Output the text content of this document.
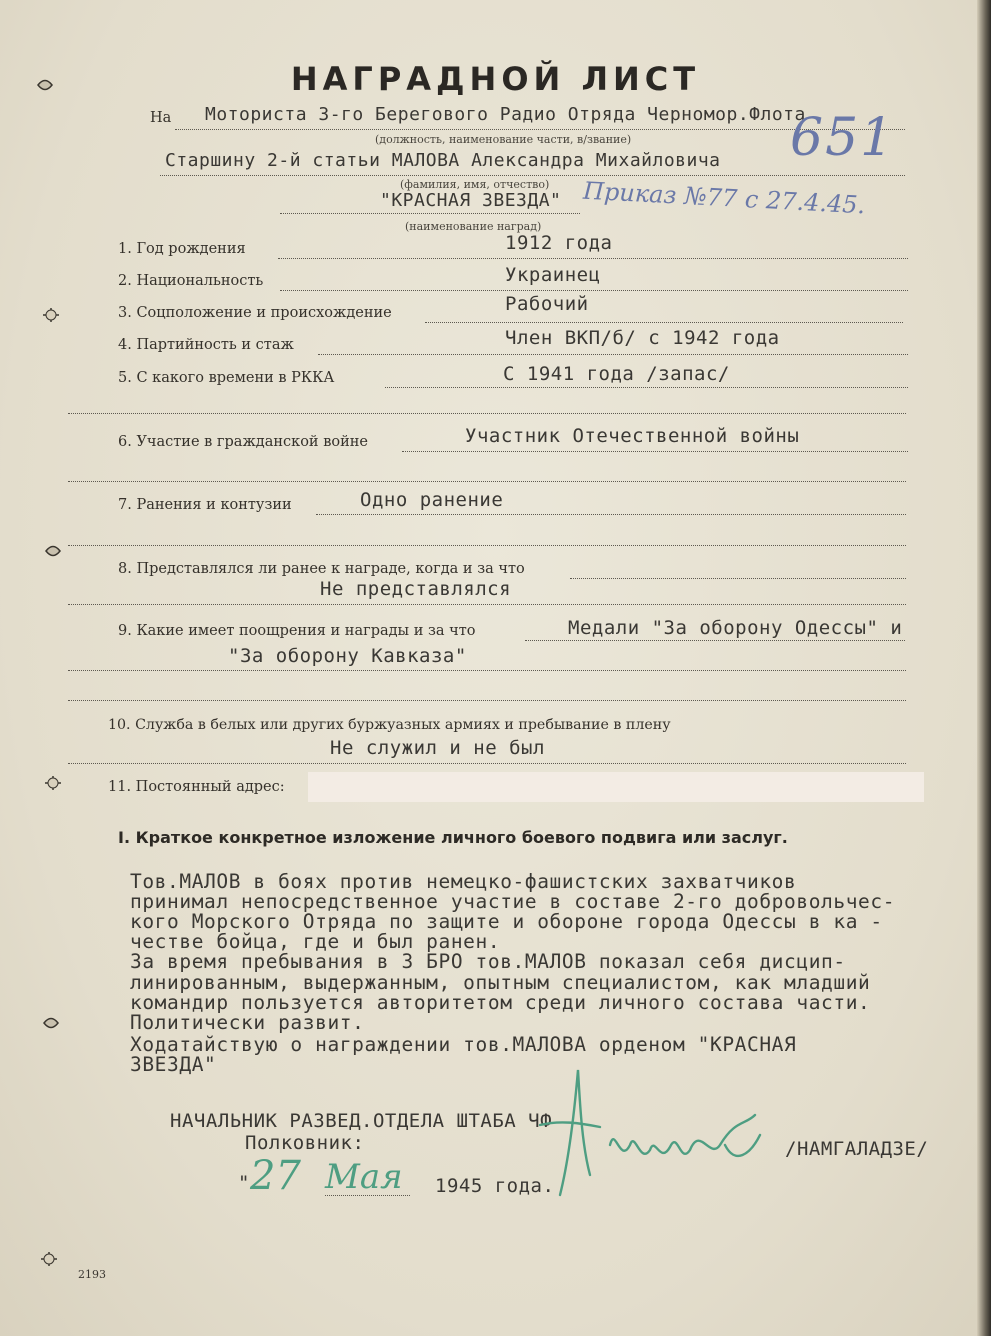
НАГРАДНОЙ ЛИСТ
На Моториста 3-го Берегового Радио Отряда Черномор.Флота
(должность, наименование части, в/звание)
Старшину 2-й статьи МАЛОВА Александра Михайловича 651
(фамилия, имя, отчество)
"КРАСНАЯ ЗВЕЗДА" Приказ №77 с 27.4.45.
(наименование наград)
1. Год рождения	1912 года
2. Национальность	Украинец
3. Соцположение и происхождение	Рабочий
4. Партийность и стаж	Член ВКП/б/ с 1942 года
5. С какого времени в РККА	С 1941 года /запас/
6. Участие в гражданской войне	Участник Отечественной войны
7. Ранения и контузии	Одно ранение
8. Представлялся ли ранее к награде, когда и за что
Не представлялся
9. Какие имеет поощрения и награды и за что	Медали "За оборону Одессы" и
"За оборону Кавказа"
10. Служба в белых или других буржуазных армиях и пребывание в плену
Не служил и не был
11. Постоянный адрес:
I. Краткое конкретное изложение личного боевого подвига или заслуг.
Тов.МАЛОВ в боях против немецко-фашистских захватчиков
принимал непосредственное участие в составе 2-го добровольчес-
кого Морского Отряда по защите и обороне города Одессы в ка -
честве бойца, где и был ранен.
За время пребывания в З БРО тов.МАЛОВ показал себя дисцип-
линированным, выдержанным, опытным специалистом, как младший
командир пользуется авторитетом среди личного состава части.
Политически развит.
Ходатайствую о награждении тов.МАЛОВА орденом "КРАСНАЯ
ЗВЕЗДА"
НАЧАЛЬНИК РАЗВЕД.ОТДЕЛА ШТАБА ЧФ
Полковник:	/НАМГАЛАДЗЕ/
" 27 Мая 1945 года.
2193
